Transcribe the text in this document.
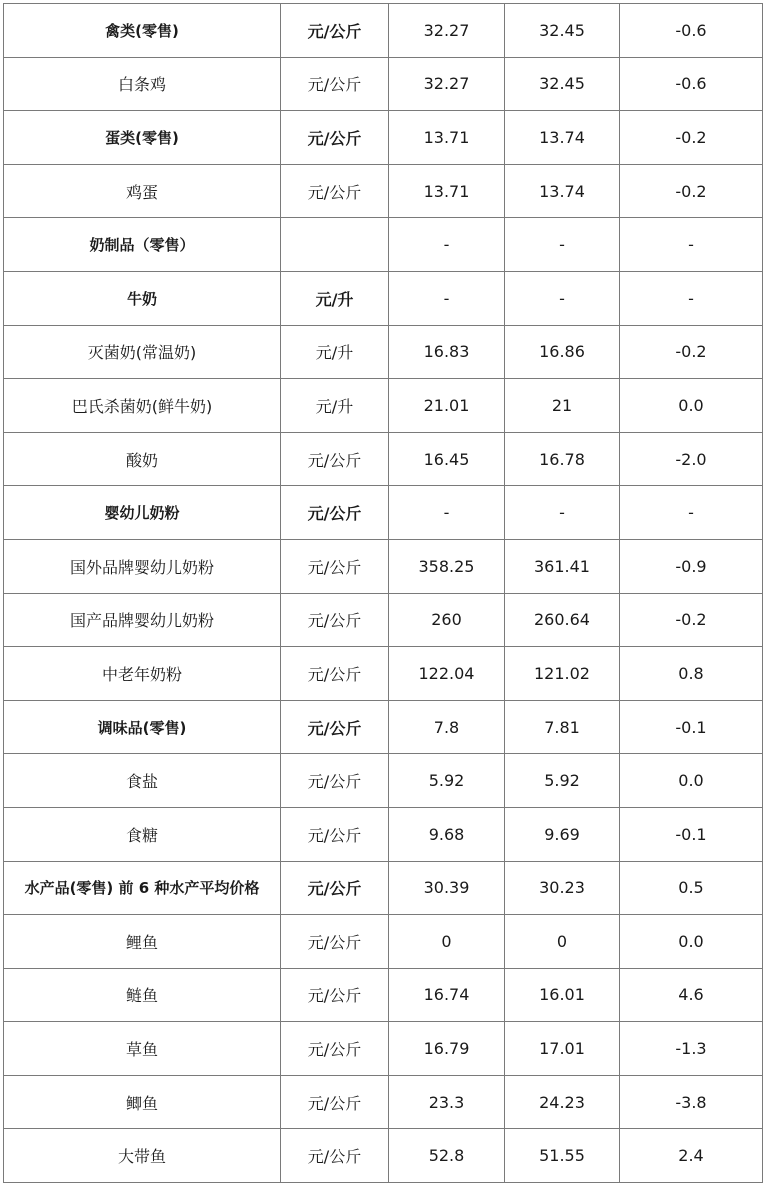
禽类(零售)	元/公斤	32.27	32.45	-0.6
白条鸡	元/公斤	32.27	32.45	-0.6
蛋类(零售)	元/公斤	13.71	13.74	-0.2
鸡蛋	元/公斤	13.71	13.74	-0.2
奶制品（零售）		-	-	-
牛奶	元/升	-	-	-
灭菌奶(常温奶)	元/升	16.83	16.86	-0.2
巴氏杀菌奶(鲜牛奶)	元/升	21.01	21	0.0
酸奶	元/公斤	16.45	16.78	-2.0
婴幼儿奶粉	元/公斤	-	-	-
国外品牌婴幼儿奶粉	元/公斤	358.25	361.41	-0.9
国产品牌婴幼儿奶粉	元/公斤	260	260.64	-0.2
中老年奶粉	元/公斤	122.04	121.02	0.8
调味品(零售)	元/公斤	7.8	7.81	-0.1
食盐	元/公斤	5.92	5.92	0.0
食糖	元/公斤	9.68	9.69	-0.1
水产品(零售) 前 6 种水产平均价格	元/公斤	30.39	30.23	0.5
鲤鱼	元/公斤	0	0	0.0
鲢鱼	元/公斤	16.74	16.01	4.6
草鱼	元/公斤	16.79	17.01	-1.3
鲫鱼	元/公斤	23.3	24.23	-3.8
大带鱼	元/公斤	52.8	51.55	2.4
